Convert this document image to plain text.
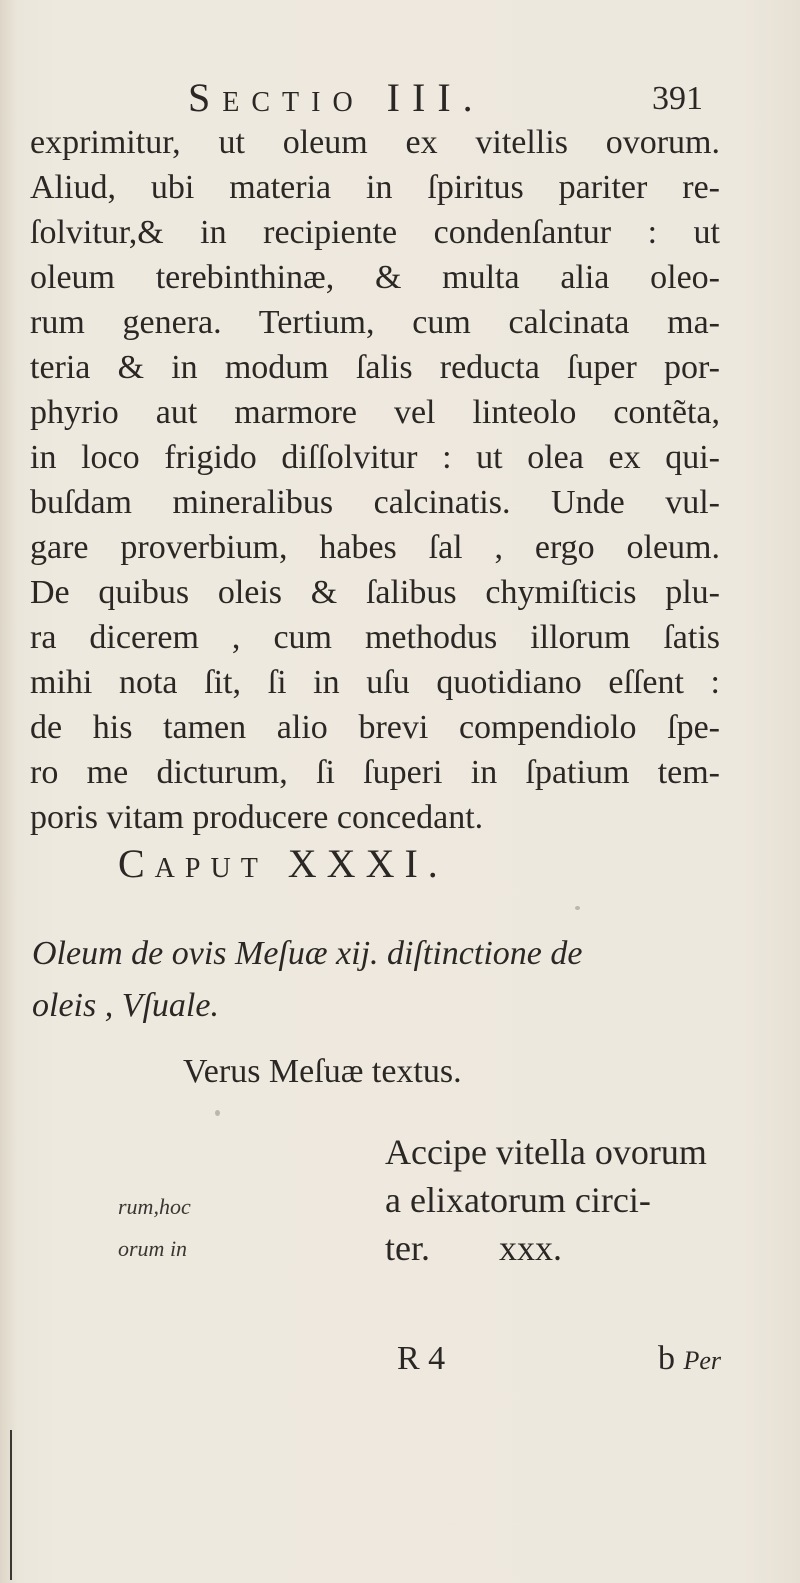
Sectio III.	391
exprimitur, ut oleum ex vitellis ovorum.
Aliud, ubi materia in ſpiritus pariter re-
ſolvitur,& in recipiente condenſantur : ut
oleum terebinthinæ, & multa alia oleo-
rum genera. Tertium, cum calcinata ma-
teria & in modum ſalis reducta ſuper por-
phyrio aut marmore vel linteolo contẽta,
in loco frigido diſſolvitur : ut olea ex qui-
buſdam mineralibus calcinatis. Unde vul-
gare proverbium, habes ſal , ergo oleum.
De quibus oleis & ſalibus chymiſticis plu-
ra dicerem , cum methodus illorum ſatis
mihi nota ſit, ſi in uſu quotidiano eſſent :
de his tamen alio brevi compendiolo ſpe-
ro me dicturum, ſi ſuperi in ſpatium tem-
poris vitam producere concedant.
Caput XXXI.
Oleum de ovis Meſuæ xij. diſtinctione de
oleis , Vſuale.
Verus Meſuæ textus.
Accipe vitella ovorum
a elixatorum circi-
ter. xxx.
rum,hoc
orum in
R 4	b Per
